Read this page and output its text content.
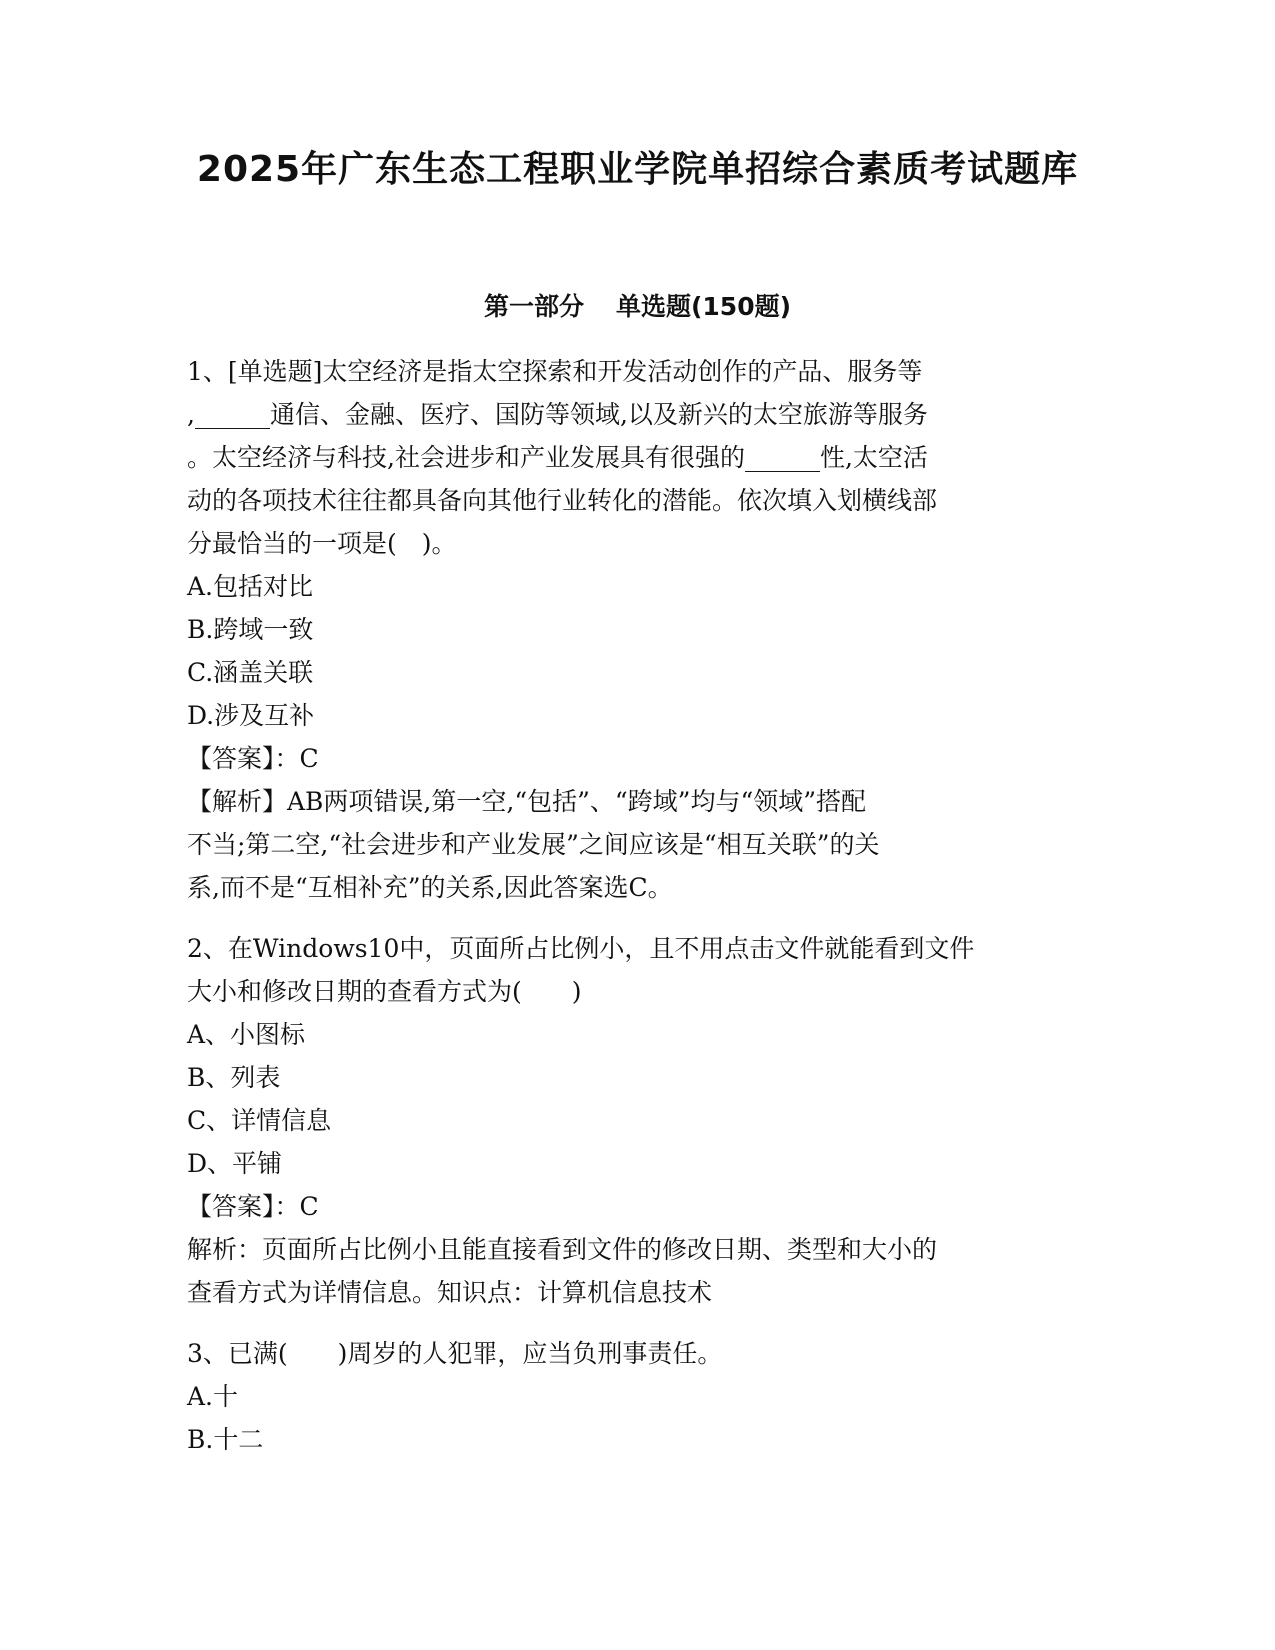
2025年广东生态工程职业学院单招综合素质考试题库
第一部分 单选题(150题)
1、[单选题]太空经济是指太空探索和开发活动创作的产品、服务等
,______通信、金融、医疗、国防等领域,以及新兴的太空旅游等服务
。太空经济与科技,社会进步和产业发展具有很强的______性,太空活
动的各项技术往往都具备向其他行业转化的潜能。依次填入划横线部
分最恰当的一项是(　)。
A.包括对比
B.跨域一致
C.涵盖关联
D.涉及互补
【答案】：C
【解析】AB两项错误,第一空,“包括”、“跨域”均与“领域”搭配
不当;第二空,“社会进步和产业发展”之间应该是“相互关联”的关
系,而不是“互相补充”的关系,因此答案选C。
2、在Windows10中，页面所占比例小，且不用点击文件就能看到文件
大小和修改日期的查看方式为(　　)
A、小图标
B、列表
C、详情信息
D、平铺
【答案】：C
解析：页面所占比例小且能直接看到文件的修改日期、类型和大小的
查看方式为详情信息。知识点：计算机信息技术
3、已满(　　)周岁的人犯罪，应当负刑事责任。
A.十
B.十二
